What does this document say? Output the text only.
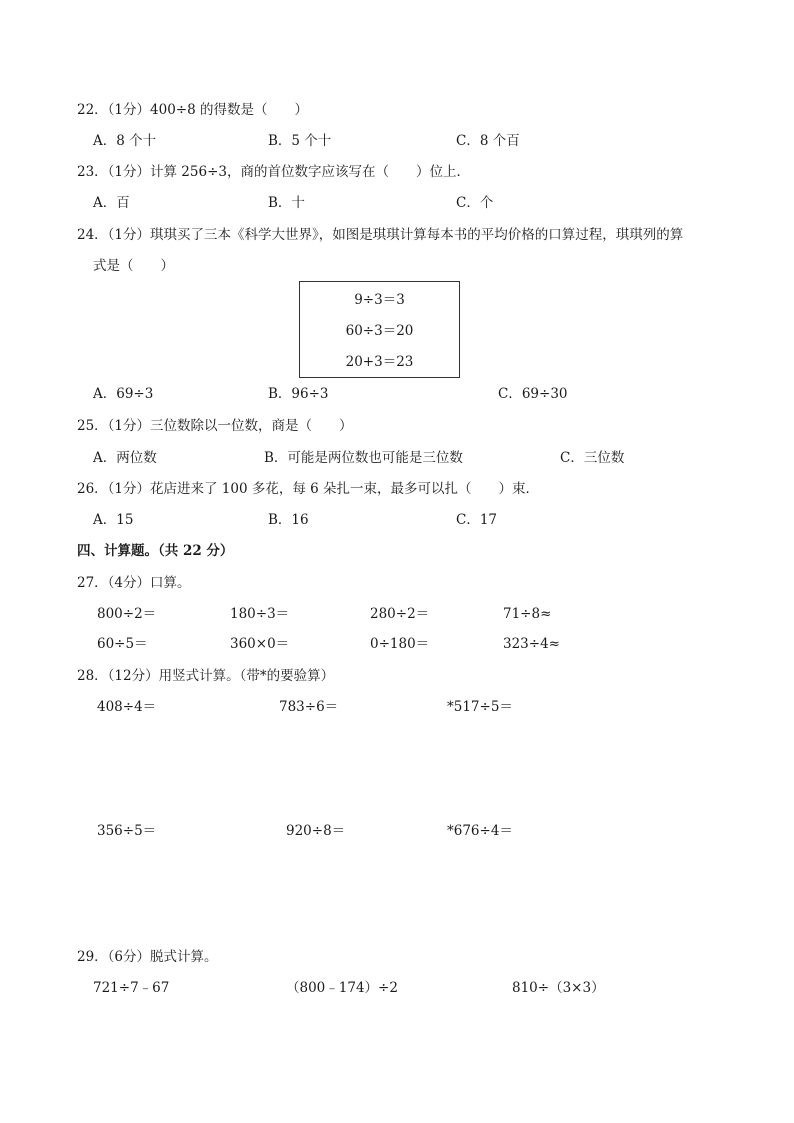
22．（1分）400÷8 的得数是（　　）
A．8 个十	B．5 个十	C．8 个百
23．（1分）计算 256÷3，商的首位数字应该写在（　　）位上．
A．百	B．十	C．个
24．（1分）琪琪买了三本《科学大世界》，如图是琪琪计算每本书的平均价格的口算过程，琪琪列的算
式是（　　）
9÷3＝3
60÷3＝20
20+3＝23
A．69÷3	B．96÷3	C．69÷30
25．（1分）三位数除以一位数，商是（　　）
A．两位数	B．可能是两位数也可能是三位数	C．三位数
26．（1分）花店进来了 100 多花，每 6 朵扎一束，最多可以扎（　　）束．
A．15	B．16	C．17
四、计算题。（共 22 分）
27．（4分）口算。
800÷2＝	180÷3＝	280÷2＝	71÷8≈
60÷5＝	360×0＝	0÷180＝	323÷4≈
28．（12分）用竖式计算。（带*的要验算）
408÷4＝	783÷6＝	*517÷5＝
356÷5＝	920÷8＝	*676÷4＝
29．（6分）脱式计算。
721÷7﹣67	（800﹣174）÷2	810÷（3×3）
